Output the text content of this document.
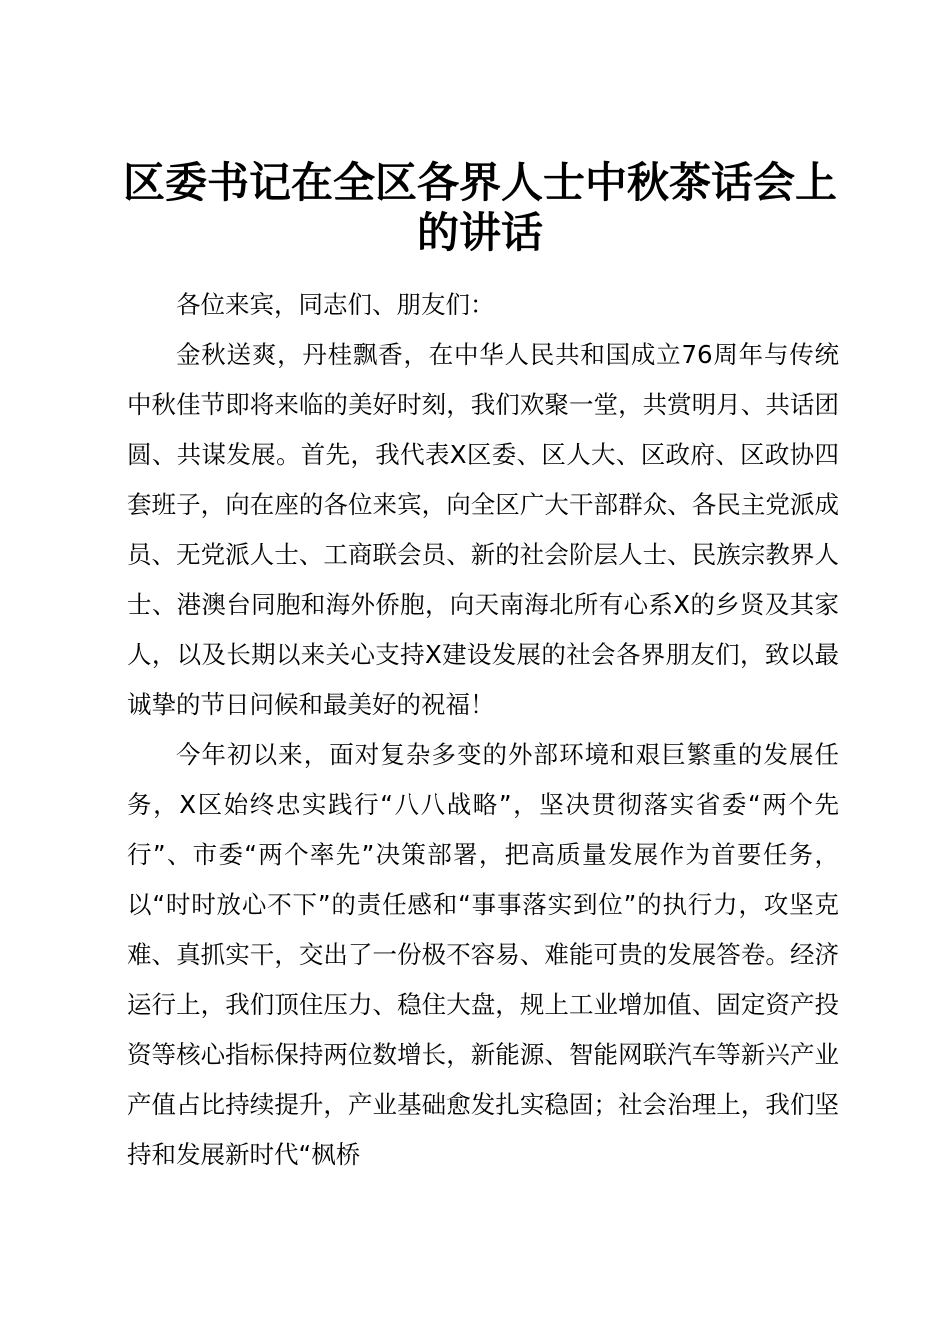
区委书记在全区各界人士中秋茶话会上的讲话

各位来宾，同志们、朋友们：

金秋送爽，丹桂飘香，在中华人民共和国成立76周年与传统中秋佳节即将来临的美好时刻，我们欢聚一堂，共赏明月、共话团圆、共谋发展。首先，我代表X区委、区人大、区政府、区政协四套班子，向在座的各位来宾，向全区广大干部群众、各民主党派成员、无党派人士、工商联会员、新的社会阶层人士、民族宗教界人士、港澳台同胞和海外侨胞，向天南海北所有心系X的乡贤及其家人，以及长期以来关心支持X建设发展的社会各界朋友们，致以最诚挚的节日问候和最美好的祝福！

今年初以来，面对复杂多变的外部环境和艰巨繁重的发展任务，X区始终忠实践行“八八战略”，坚决贯彻落实省委“两个先行”、市委“两个率先”决策部署，把高质量发展作为首要任务，以“时时放心不下”的责任感和“事事落实到位”的执行力，攻坚克难、真抓实干，交出了一份极不容易、难能可贵的发展答卷。经济运行上，我们顶住压力、稳住大盘，规上工业增加值、固定资产投资等核心指标保持两位数增长，新能源、智能网联汽车等新兴产业产值占比持续提升，产业基础愈发扎实稳固；社会治理上，我们坚持和发展新时代“枫桥
